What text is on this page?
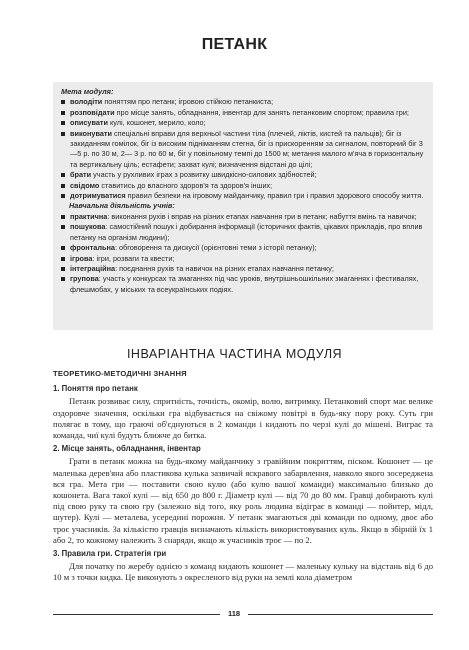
ПЕТАНК
Мета модуля:
володіти поняттям про петанк; ігровою стійкою петанкиста;
розповідати про місце занять, обладнання, інвентар для занять петанковим спортом; правила гри;
описувати кулі, кошонет, мерило, коло;
виконувати спеціальні вправи для верхньої частини тіла (плечей, ліктів, кистей та пальців); біг із закиданням гомілок, біг із високим підніманням стегна, біг із прискоренням за сигналом, повторний біг 3—5 р. по 30 м, 2— 3 р. по 60 м, біг у повільному темпі до 1500 м; метання малого м'яча в горизонтальну та вертикальну ціль; естафети; захват кулі; визначення відстані до цілі;
брати участь у рухливих іграх з розвитку швидкісно-силових здібностей;
свідомо ставитись до власного здоров'я та здоров'я інших;
дотримуватися правил безпеки на ігровому майданчику, правил гри і правил здорового способу життя.
Навчальна діяльність учнів:
практична: виконання рухів і вправ на різних етапах навчання гри в петанк; набуття вмінь та навичок;
пошукова: самостійний пошук і добирання інформації (історичних фактів, цікавих прикладів, про вплив петанку на організм людини);
фронтальна: обговорення та дискусії (орієнтовні теми з історії петанку);
ігрова: ігри, розваги та квести;
інтеграційна: поєднання рухів та навичок на різних етапах навчання петанку;
групова: участь у конкурсах та змаганнях під час уроків, внутрішньошкільних змаганнях і фестивалях, флешмобах, у міських та всеукраїнських подіях.
ІНВАРІАНТНА ЧАСТИНА МОДУЛЯ
ТЕОРЕТИКО-МЕТОДИЧНІ ЗНАННЯ
1. Поняття про петанк

Петанк розвиває силу, спритність, точність, окомір, волю, витримку. Петанковий спорт має велике оздоровче значення, оскільки гра відбувається на свіжому повітрі в будь-яку пору року. Суть гри полягає в тому, що граючі об'єднуються в 2 команди і кидають по черзі кулі до мішені. Виграє та команда, чиї кулі будуть ближче до битка.

2. Місце занять, обладнання, інвентар

Грати в петанк можна на будь-якому майданчику з гравійним покриттям, піском. Кошонет — це маленька дерев'яна або пластикова кулька зазвичай яскравого забарвлення, навколо якого зосереджена вся гра. Мета гри — поставити свою кулю (або кулю вашої команди) максимально близько до кошонета. Вага такої кулі — від 650 до 800 г. Діаметр кулі — від 70 до 80 мм. Гравці добирають кулі під свою руку та свою гру (залежно від того, яку роль людина відіграє в команді — пойнтер, мідл, шутер). Кулі — металева, усередині порожня. У петанк змагаються дві команди по одному, двоє або троє учасників. За кількістю гравців визначають кількість використовуваних куль. Якщо в збірній їх 1 або 2, то кожному належить 3 снаряди, якщо ж учасників троє — по 2.

3. Правила гри. Стратегія гри

Для початку по жеребу однією з команд кидають кошонет — маленьку кульку на відстань від 6 до 10 м з точки кидка. Це виконують з окресленого від руки на землі кола діаметром

118
